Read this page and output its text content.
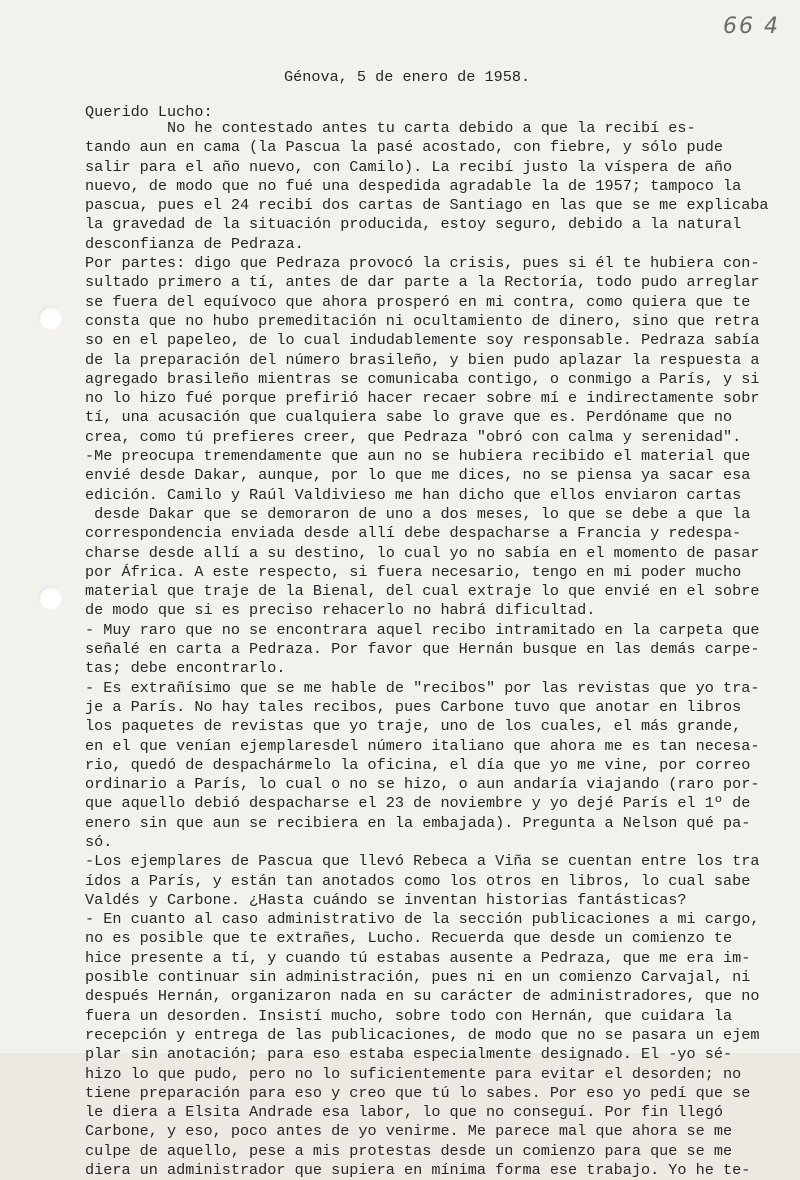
66 4
Génova, 5 de enero de 1958.
Querido Lucho:
No he contestado antes tu carta debido a que la recibí es-
tando aun en cama (la Pascua la pasé acostado, con fiebre, y sólo pude
salir para el año nuevo, con Camilo). La recibí justo la víspera de año
nuevo, de modo que no fué una despedida agradable la de 1957; tampoco la
pascua, pues el 24 recibí dos cartas de Santiago en las que se me explicaba
la gravedad de la situación producida, estoy seguro, debido a la natural
desconfianza de Pedraza.
Por partes: digo que Pedraza provocó la crisis, pues si él te hubiera con-
sultado primero a tí, antes de dar parte a la Rectoría, todo pudo arreglar
se fuera del equívoco que ahora prosperó en mi contra, como quiera que te
consta que no hubo premeditación ni ocultamiento de dinero, sino que retra
so en el papeleo, de lo cual indudablemente soy responsable. Pedraza sabía
de la preparación del número brasileño, y bien pudo aplazar la respuesta a
agregado brasileño mientras se comunicaba contigo, o conmigo a París, y si
no lo hizo fué porque prefirió hacer recaer sobre mí e indirectamente sobr
tí, una acusación que cualquiera sabe lo grave que es. Perdóname que no
crea, como tú prefieres creer, que Pedraza "obró con calma y serenidad".
-Me preocupa tremendamente que aun no se hubiera recibido el material que
envié desde Dakar, aunque, por lo que me dices, no se piensa ya sacar esa
edición. Camilo y Raúl Valdivieso me han dicho que ellos enviaron cartas
desde Dakar que se demoraron de uno a dos meses, lo que se debe a que la
correspondencia enviada desde allí debe despacharse a Francia y redespa-
charse desde allí a su destino, lo cual yo no sabía en el momento de pasar
por África. A este respecto, si fuera necesario, tengo en mi poder mucho
material que traje de la Bienal, del cual extraje lo que envié en el sobre
de modo que si es preciso rehacerlo no habrá dificultad.
- Muy raro que no se encontrara aquel recibo intramitado en la carpeta que
señalé en carta a Pedraza. Por favor que Hernán busque en las demás carpe-
tas; debe encontrarlo.
- Es extrañísimo que se me hable de "recibos" por las revistas que yo tra-
je a París. No hay tales recibos, pues Carbone tuvo que anotar en libros
los paquetes de revistas que yo traje, uno de los cuales, el más grande,
en el que venían ejemplaresdel número italiano que ahora me es tan necesa-
rio, quedó de despachármelo la oficina, el día que yo me vine, por correo
ordinario a París, lo cual o no se hizo, o aun andaría viajando (raro por-
que aquello debió despacharse el 23 de noviembre y yo dejé París el 1º de
enero sin que aun se recibiera en la embajada). Pregunta a Nelson qué pa-
só.
-Los ejemplares de Pascua que llevó Rebeca a Viña se cuentan entre los tra
ídos a París, y están tan anotados como los otros en libros, lo cual sabe
Valdés y Carbone. ¿Hasta cuándo se inventan historias fantásticas?
- En cuanto al caso administrativo de la sección publicaciones a mi cargo,
no es posible que te extrañes, Lucho. Recuerda que desde un comienzo te
hice presente a tí, y cuando tú estabas ausente a Pedraza, que me era im-
posible continuar sin administración, pues ni en un comienzo Carvajal, ni
después Hernán, organizaron nada en su carácter de administradores, que no
fuera un desorden. Insistí mucho, sobre todo con Hernán, que cuidara la
recepción y entrega de las publicaciones, de modo que no se pasara un ejem
plar sin anotación; para eso estaba especialmente designado. El -yo sé-
hizo lo que pudo, pero no lo suficientemente para evitar el desorden; no
tiene preparación para eso y creo que tú lo sabes. Por eso yo pedí que se
le diera a Elsita Andrade esa labor, lo que no conseguí. Por fin llegó
Carbone, y eso, poco antes de yo venirme. Me parece mal que ahora se me
culpe de aquello, pese a mis protestas desde un comienzo para que se me
diera un administrador que supiera en mínima forma ese trabajo. Yo he te-
